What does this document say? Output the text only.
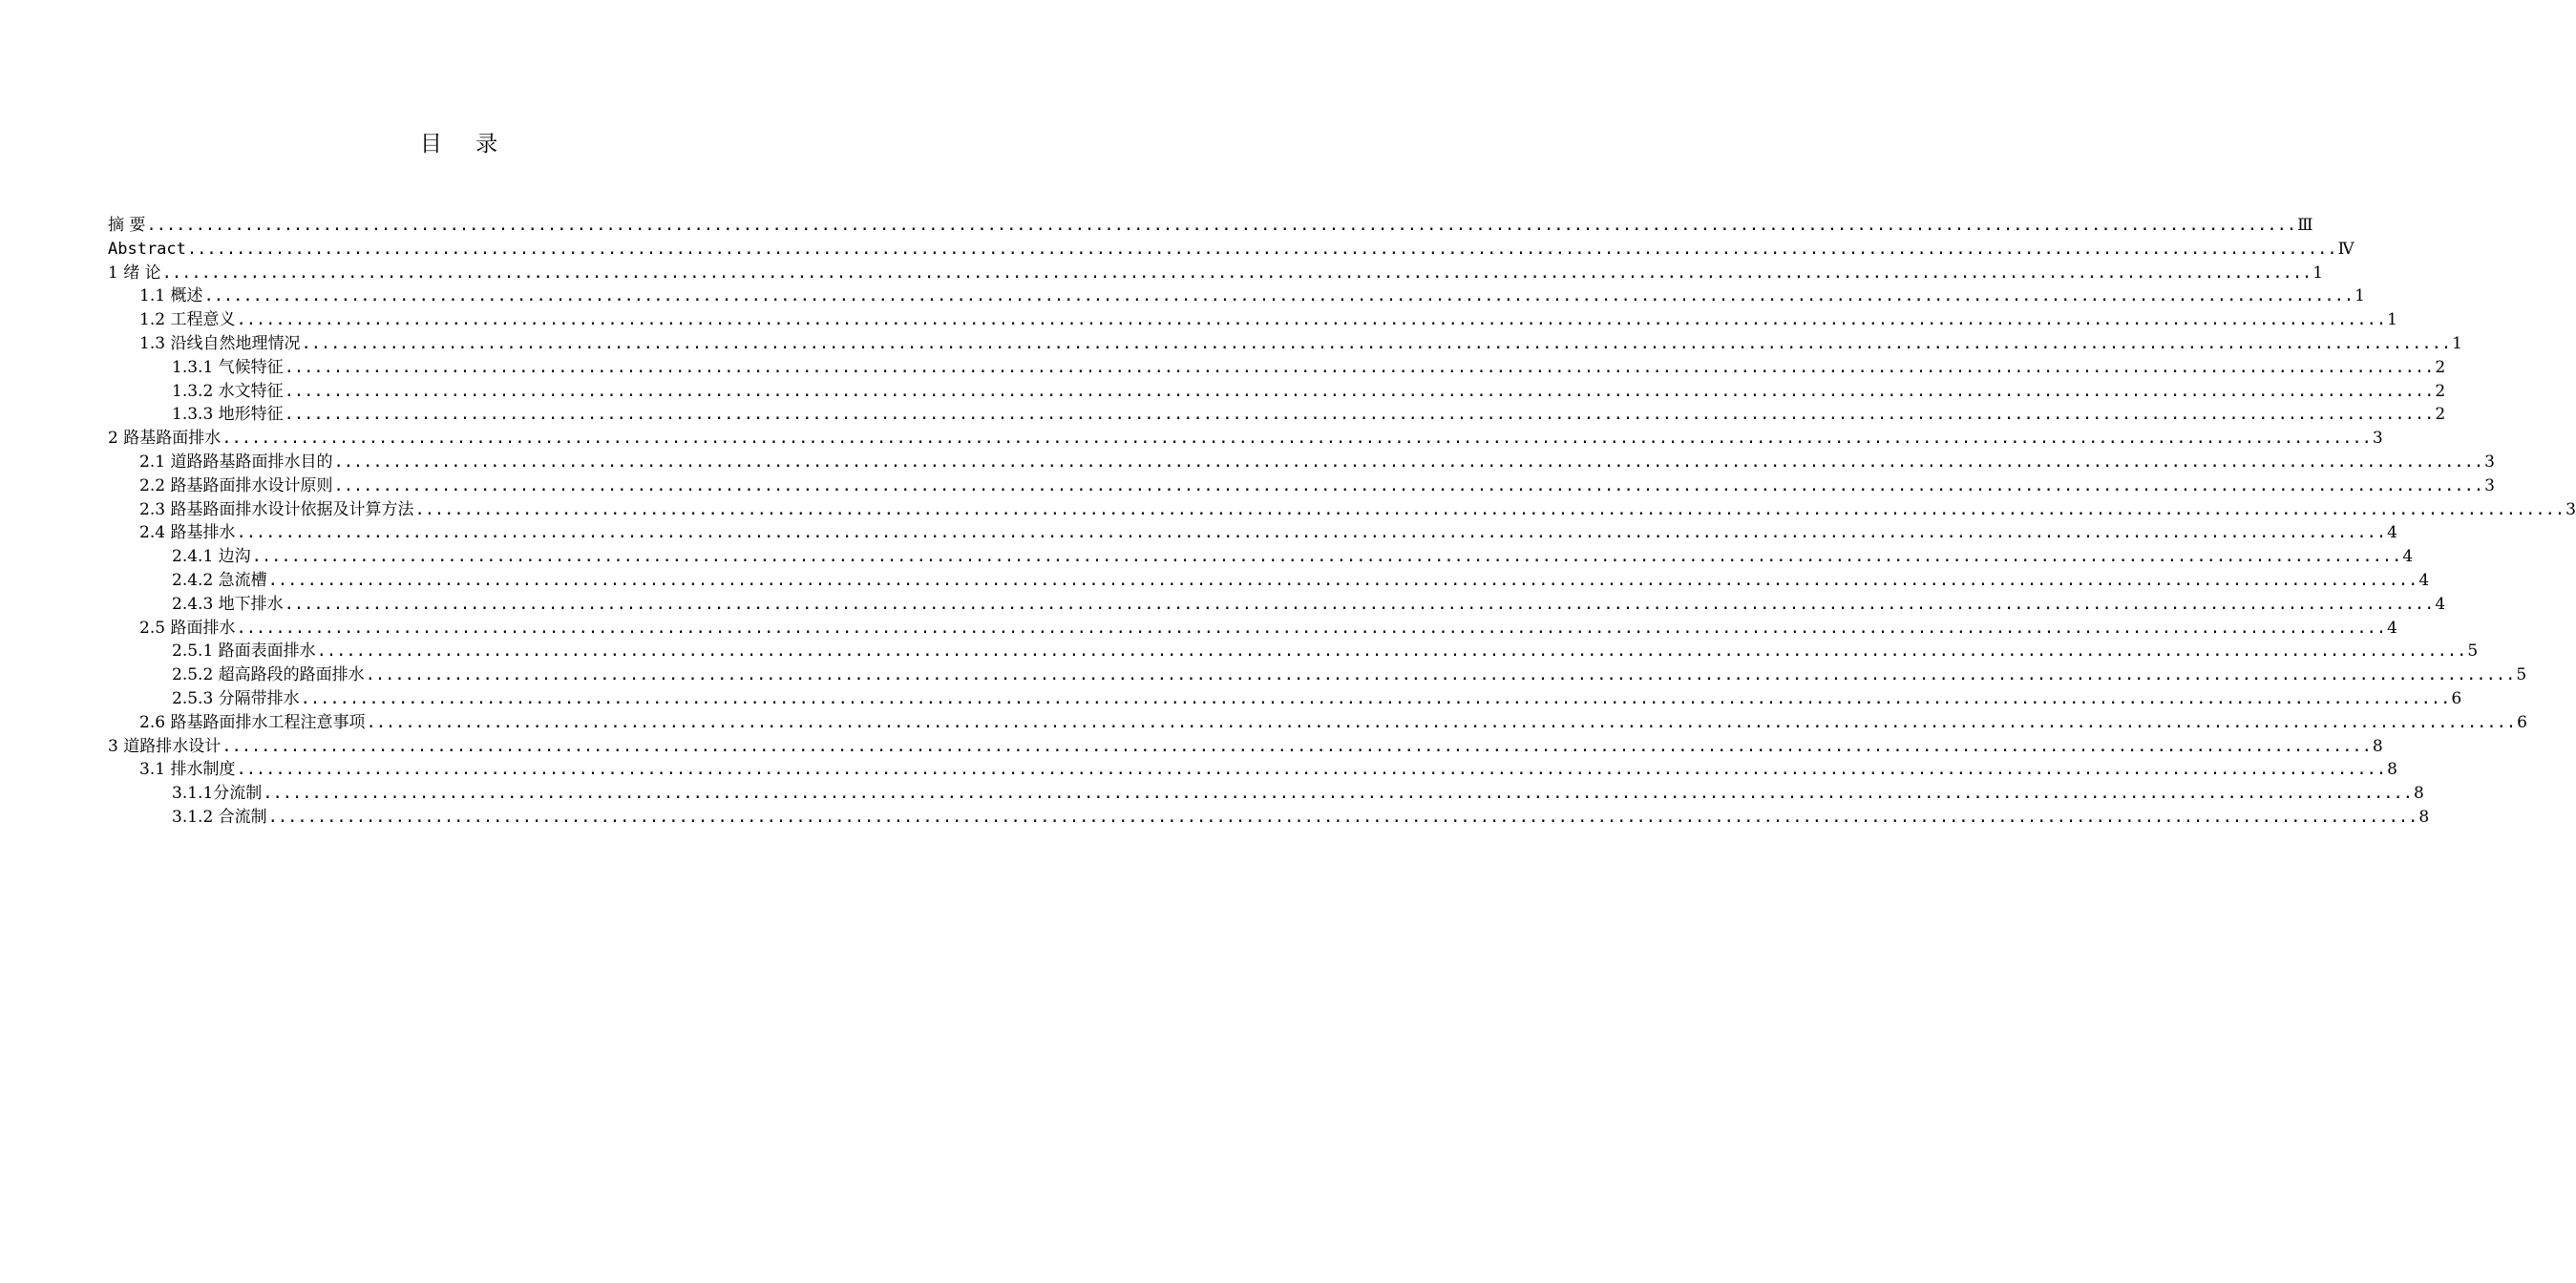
目 录
摘 要 ............................................................................................................................................................................................................................ Ⅲ
Abstract ............................................................................................................................................................................................................................ Ⅳ
1 绪 论 ............................................................................................................................................................................................................................ 1
1.1 概述 ............................................................................................................................................................................................................................ 1
1.2 工程意义 ............................................................................................................................................................................................................................ 1
1.3 沿线自然地理情况 ............................................................................................................................................................................................................................ 1
1.3.1 气候特征 ............................................................................................................................................................................................................................ 2
1.3.2 水文特征 ............................................................................................................................................................................................................................ 2
1.3.3 地形特征 ............................................................................................................................................................................................................................ 2
2 路基路面排水 ............................................................................................................................................................................................................................ 3
2.1 道路路基路面排水目的 ............................................................................................................................................................................................................................ 3
2.2 路基路面排水设计原则 ............................................................................................................................................................................................................................ 3
2.3 路基路面排水设计依据及计算方法 ............................................................................................................................................................................................................................ 3
2.4 路基排水 ............................................................................................................................................................................................................................ 4
2.4.1 边沟 ............................................................................................................................................................................................................................ 4
2.4.2 急流槽 ............................................................................................................................................................................................................................ 4
2.4.3 地下排水 ............................................................................................................................................................................................................................ 4
2.5 路面排水 ............................................................................................................................................................................................................................ 4
2.5.1 路面表面排水 ............................................................................................................................................................................................................................ 5
2.5.2 超高路段的路面排水 ............................................................................................................................................................................................................................ 5
2.5.3 分隔带排水 ............................................................................................................................................................................................................................ 6
2.6 路基路面排水工程注意事项 ............................................................................................................................................................................................................................ 6
3 道路排水设计 ............................................................................................................................................................................................................................ 8
3.1 排水制度 ............................................................................................................................................................................................................................ 8
3.1.1分流制 ............................................................................................................................................................................................................................ 8
3.1.2 合流制 ............................................................................................................................................................................................................................ 8
